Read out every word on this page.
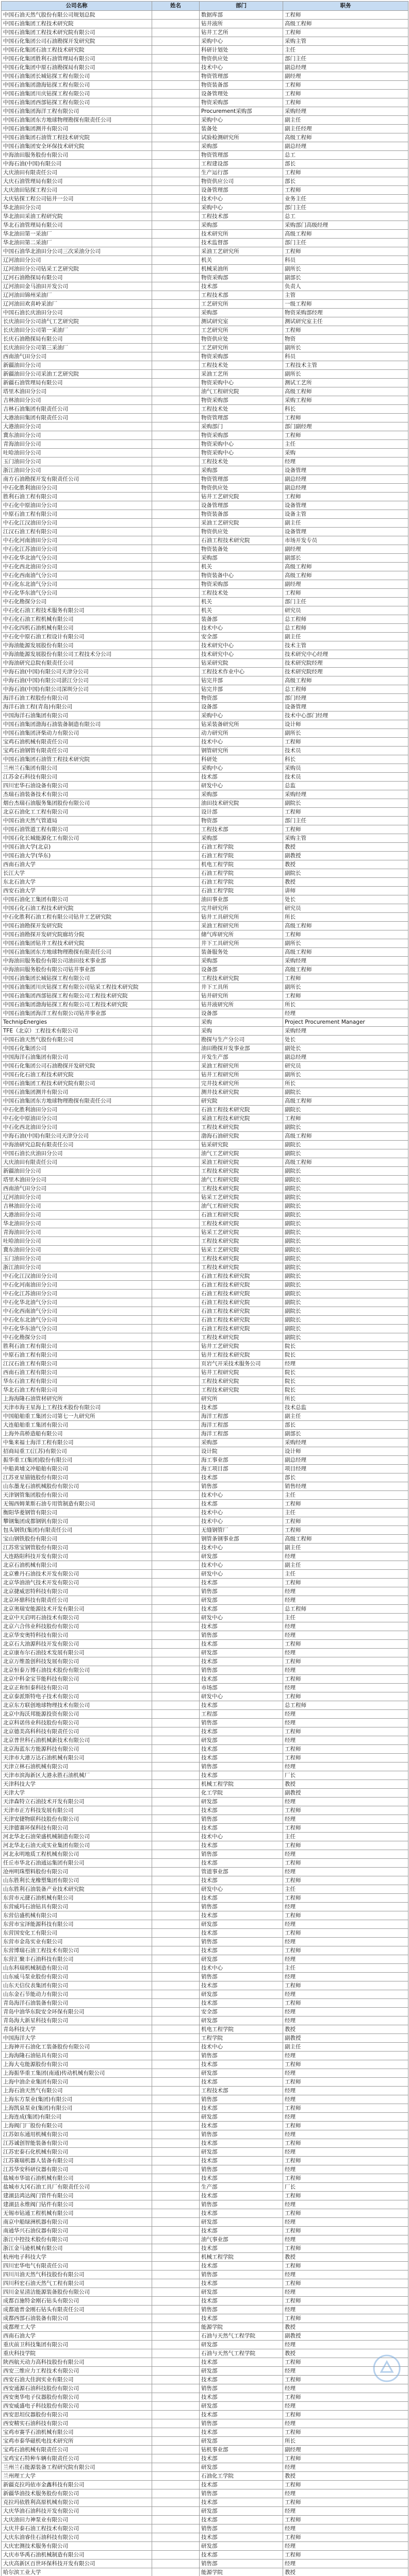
公司名称	姓名	部门	职务
中国石油天然气股份有限公司规划总院		数据库部	工程师
中国石油集团工程技术研究院		钻井液所	高级工程师
中国石油集团工程技术研究院有限公司		钻井工艺所	工程师
中国石化集团公司石油勘探开发研究院		采购中心	采购主管
中国石化集团石油工程技术研究院		科研计划处	主任
中国石化集团胜利石油管理局有限公司		物资供应处	部门主任
中国石化集团中原石油勘探局有限公司		技术中心	副总经理
中国石油集团长城钻探工程有限公司		物资管理部	副经理
中国石油集团渤海钻探工程有限公司		物资装备部	工程师
中国石油集团川庆钻探工程有限公司		设备管理处	工程师
中国石油集团西部钻探工程有限公司		物资采购部	工程师
中国石油集团海洋工程有限公司		Procurement采购部	采购经理
中国石油集团东方地球物理勘探有限责任公司		采购中心	副主任
中国石油集团测井有限公司		装备处	副主任经理
中国石油集团石油管工程技术研究院		试验检测研究所	高级工程师
中国石油集团安全环保技术研究院		采购部	副总经理
中海油田服务股份有限公司		物资管理部	总工
中海石油(中国)有限公司		工程建设部	部长
大庆油田有限责任公司		生产运行部	工程师
大庆石油管理局有限公司		物资供应公司	部长
大庆油田钻探工程公司		设备管理部	工程师
大庆钻探工程公司钻井一公司		技术中心	业务主任
华北油田分公司		采购中心	部门主任
华北油田采油工程研究院		工程技术部	总工
华北石油管理局有限公司		采购部	采购部门高级经理
华北油田第一采油厂		技术研究所	高级工程师
华北油田第二采油厂		技术监督部	部门主任
中国石油华北油田分公司三次采油分公司		采油工艺研究所	工程师
辽河油田分公司		机关	科员
辽河油田分公司钻采工艺研究院		机械采油所	副所长
辽河石油勘探局有限公司		物资采购部	副部长
辽河油田金马油田开发公司		技术部	负责人
辽河油田锦州采油厂		工程技术部	主管
辽河油田欢喜岭采油厂		工艺研究所	一级工程师
中国石油长庆油田分公司		采购部	物资采购部经理
长庆油田分公司油气工艺研究院		测试研究室	测试研究室主任
长庆油田分公司第一采油厂		工艺研究所	工程师
长庆石油勘探局有限公司		物资供应处	物资
长庆油田分公司第三采油厂		工艺研究所	副所长
西南油气田分公司		物资采购部	科员
新疆油田分公司		工程技术处	工程技术主管
新疆油田分公司采油工艺研究院		采油工艺所	副所长
新疆石油管理局有限公司		物资采购中心	测试工艺所
塔里木油田分公司		油气工程研究院	高级工程师
吉林油田分公司		物资采购部	采购工程师
吉林石油集团有限责任公司		工程技术处	科长
大港油田集团有限责任公司		物资管理部	工程师
大港油田分公司		采购部门	部门副经理
冀东油田分公司		物资采购部	工程师
青海油田分公司		物资采购中心	主任
吐哈油田分公司		物资采购中心	采购
玉门油田分公司		工程技术处	经理
浙江油田分公司		采购部	设备管理
南方石油勘探开发有限责任公司		物资管理部	副总经理
中石化胜利油田分公司		物资供应处	副总经理
胜利石油工程有限公司		钻井工艺研究院	工程师
中石化中原油田分公司		设备管理部	设备管理
中原石油工程有限公司		物资装备部	设备主管
中石化江汉油田分公司		采油工艺研究院	副主任
江汉石油工程有限公司		物资供应处	设备管理
中石化河南油田分公司		石油工程技术研究院	市场开发专员
中石化江苏油田分公司		物资装备处	副经理
中石化华北油气分公司		采购部	副部长
中石化西北油田分公司		机关	高级工程师
中石化西南油气分公司		物资装备中心	高级工程师
中石化东北油气分公司		物资采购部	副经理
中石化华东油气分公司		工程技术处	工程师
中石化勘探分公司		机关	部门主任
中石化石油工程技术服务有限公司		机关	研究员
中石化石油工程机械有限公司		装备部	总工程师
中石化四机石油机械有限公司		技术中心	总工程师
中石化中原石油工程设计有限公司		安全部	副主任
中海油能源发展股份有限公司		技术研究中心	技术主管
中海油能源发展股份有限公司工程技术分公司		技术研究中心	技术研究中心经理
中海油研究总院有限责任公司		钻采研究院	技术研究院经理
中海石油(中国)有限公司天津分公司		工程技术作业中心	技术研究院经理
中海石油(中国)有限公司湛江分公司		钻完井部	高级工程师
中海石油(中国)有限公司深圳分公司		钻完井部	总工程师
海洋石油工程股份有限公司		物资部	部门经理
海洋石油工程(青岛)有限公司		设备部	设备管理
中国海洋石油集团有限公司		采购中心	技术中心部门经理
中国石油集团渤海石油装备制造有限公司		钻采装备研究所	设计师
中国石油集团济柴动力有限公司		动力研究所	副所长
宝鸡石油机械有限责任公司		技术中心	工程师
宝鸡石油钢管有限责任公司		钢管研究所	技术员
中国石油集团石油管工程技术研究院		科研处	科长
兰州兰石集团有限公司		采购中心	采购员
江苏金石科技有限公司		技术部	技术员
四川宏华石油设备有限公司		研发中心	总监
杰瑞石油装备技术有限公司		采购部	采购经理
烟台杰瑞石油服务集团股份有限公司		油田技术研究院	副院长
北京石油化工工程有限公司		设计部	工程师
中国石油天然气管道局		物资部	部门主任
中国石油管道工程有限公司		工程技术部	工程师
中国石化长城能源化工有限公司		采购部	采购主管
中国石油大学(北京)		石油工程学院	教授
中国石油大学(华东)		石油工程学院	副教授
西南石油大学		机电工程学院	教授
长江大学		石油工程学院	副院长
东北石油大学		石油工程学院	教授
西安石油大学		石油工程学院	讲师
中国石油化工集团有限公司		油田事业部	处长
中国石化石油工程技术研究院		完井研究所	研究员
中石化胜利石油工程有限公司钻井工艺研究院		钻井工具研究所	所长
中国石油勘探开发研究院		采油工程研究所	高级工程师
中国石油勘探开发研究院廊坊分院		储气库研究所	工程师
中国石油集团钻井工程技术研究院		井下工具研究所	副所长
中国石油集团东方地球物理勘探有限责任公司		装备服务处	高级工程师
中海油田服务股份有限公司油田技术事业部		采购部	采购经理
中海油田服务股份有限公司钻井事业部		设备部	高级工程师
中国石油集团长城钻探工程有限公司		工程技术研究院	工程师
中国石油集团川庆钻探工程有限公司钻采工程技术研究院		井下工具所	副所长
中国石油集团西部钻探工程有限公司工程技术研究院		钻井研究所	工程师
中国石油集团渤海钻探工程有限公司工程技术研究院		钻井液研究所	所长
中国石油集团海洋工程有限公司钻井事业部		设备部	经理
TechnipEnergies		采购	Project Procurement Manager
TFE（北京）工程技术有限公司		采购	采购经理
中国石油天然气股份有限公司		勘探与生产分公司	处长
中国石化集团公司		油田勘探开发事业部	副处长
中国海洋石油集团有限公司		开发生产部	副总经理
中国石化集团公司石油勘探开发研究院		采油工程研究所	研究员
中国石化石油工程技术研究院		钻井工程研究所	副所长
中国石油集团工程技术研究院有限公司		完井技术研究所	所长
中国石油集团测井有限公司		测井技术研究院	副院长
中国石油集团东方地球物理勘探有限责任公司		研究院	高级工程师
中石化胜利油田分公司		石油工程技术研究院	副院长
中石化中原油田分公司		采油工程技术研究院	工程师
中石化西北油田分公司		工程技术研究院	副院长
中海石油(中国)有限公司天津分公司		渤海石油研究院	高级工程师
中海油研究总院有限责任公司		钻采研究院	副院长
中国石油长庆油田分公司		油气工艺研究院	副院长
大庆油田有限责任公司		采油工程研究院	高级工程师
新疆油田分公司		工程技术研究院	副院长
塔里木油田分公司		油气工程研究院	副院长
西南油气田分公司		工程技术研究院	副院长
辽河油田分公司		钻采工艺研究院	副院长
吉林油田分公司		油气工程研究院	副院长
大港油田分公司		石油工程研究院	副院长
华北油田分公司		工程技术研究院	副院长
青海油田分公司		钻采工艺研究院	副院长
吐哈油田分公司		工程技术研究院	副院长
冀东油田分公司		钻采工艺研究院	副院长
玉门油田分公司		工程技术研究院	副院长
浙江油田分公司		工程技术研究院	副院长
中石化江汉油田分公司		石油工程技术研究院	副院长
中石化河南油田分公司		石油工程技术研究院	副院长
中石化江苏油田分公司		石油工程技术研究院	副院长
中石化华北油气分公司		石油工程技术研究院	副院长
中石化西南油气分公司		石油工程技术研究院	副院长
中石化东北油气分公司		石油工程技术研究院	副院长
中石化华东油气分公司		石油工程技术研究院	副院长
中石化勘探分公司		工程技术研究院	副院长
胜利石油工程有限公司		钻井工艺研究院	院长
中原石油工程有限公司		钻井工程技术研究院	院长
江汉石油工程有限公司		页岩气开采技术服务公司	经理
西南石油工程有限公司		钻井工程研究院	院长
华东石油工程有限公司		工程技术研究院	院长
华北石油工程有限公司		工程技术研究院	院长
上海海隆石油管材研究所		研究所	所长
天津市海王星海上工程技术股份有限公司		技术部	技术总监
中国船舶重工集团公司第七一九研究所		海洋工程部	副主任
大连船舶重工集团有限公司		海洋工程部	部长
上海外高桥造船有限公司		海洋工程部	副部长
中集来福士海洋工程有限公司		采购部	采购经理
招商局重工(江苏)有限公司		设计院	设计师
振华重工(集团)股份有限公司		海工事业部	副总经理
中船黄埔文冲船舶有限公司		海工项目部	项目经理
江苏亚星锚链股份有限公司		技术部	部长
山东墨龙石油机械股份有限公司		销售部	销售经理
天津钢管集团股份有限公司		技术中心	主任
无锡西姆莱斯石油专用管制造有限公司		技术部	工程师
衡阳华菱钢管有限公司		技术中心	主任
攀钢集团成都钢钒有限公司		技术中心	工程师
包头钢铁(集团)有限责任公司		无缝钢管厂	工程师
宝山钢铁股份有限公司		钢管条钢事业部	高级工程师
江苏常宝钢管股份有限公司		技术中心	副主任
大连路阳科技开发有限公司		研发部	经理
北京石油机械有限公司		技术中心	副主任
北京雅丹石油技术开发有限公司		研发中心	主任
北京华油油气技术开发有限公司		技术部	工程师
北京捷威思特科技有限公司		销售部	经理
北京环鼎科技有限责任公司		研发部	经理
北京奥瑞安能源技术开发有限公司		技术部	总工程师
北京中天启明石油技术有限公司		研发中心	主任
北京六合伟业科技股份有限公司		技术部	经理
北京华安奥特科技有限公司		销售部	经理
北京石大油源科技开发有限公司		技术部	工程师
北京康布尔石油技术发展有限公司		研发部	经理
北京万维盈创科技发展有限公司		技术部	工程师
北京恒泰万博石油技术股份有限公司		销售部	经理
北京中科金宝节能科技有限公司		技术部	工程师
北京正和恒泰科技有限公司		市场部	经理
北京泰派斯特电子技术有限公司		研发中心	工程师
北京东方联创地球物理技术有限公司		技术部	总工程师
北京中海沃邦能源投资有限公司		工程部	经理
北京科诺伟业科技股份有限公司		销售部	经理
北京德美高科科技有限责任公司		技术部	工程师
北京普世科石油机械新技术有限公司		研发部	经理
北京海蓝东方能源科技有限公司		技术部	工程师
天津市大港万达石油机械有限公司		技术部	工程师
天津立林石油机械有限公司		销售部	经理
天津市滨海新区大港永胜石油机械厂		技术部	厂长
天津科技大学		机械工程学院	教授
天津大学		化工学院	副教授
天津森特立石油技术开发有限公司		研发部	经理
天津市正方科技发展有限公司		技术部	工程师
天津安捷物联科技股份有限公司		销售部	经理
天津德赛环保科技有限公司		技术部	工程师
河北华北石油荣盛机械制造有限公司		技术中心	主任
河北华北石油天成实业集团有限公司		技术部	工程师
河北永明地质工程机械有限公司		销售部	经理
任丘市华北石油通运集团有限公司		技术部	工程师
沧州明珠塑料股份有限公司		管道事业部	经理
山东胜利长龙橡塑集团有限公司		技术部	工程师
山东胜利石油装备产业技术研究院		研发中心	主任
东营市元捷石油机械有限公司		技术部	工程师
东营威玛石油钻具有限公司		销售部	经理
东营信盛机械有限公司		技术部	工程师
东营市宝泽能源科技有限公司		研发部	经理
东营国安化工有限公司		技术部	工程师
东营市金岛实业有限公司		销售部	经理
东营博瑞石油工程技术有限公司		技术部	工程师
东营汇聚丰石油科技有限公司		研发部	经理
山东科瑞机械制造有限公司		技术中心	主任
山东威马泵业股份有限公司		销售部	经理
山东天信仪表集团有限公司		技术部	工程师
山东金石节能动力有限公司		研发部	经理
青岛海洋石油装备有限公司		技术部	工程师
青岛中油华东院安全环保有限公司		安全部	经理
青岛海大新星科技有限公司		研发部	经理
青岛科技大学		机电工程学院	教授
中国海洋大学		工程学院	副教授
上海神开石油化工装备股份有限公司		技术中心	副主任
上海海隆石油钻具有限公司		销售部	经理
上海大屯能源股份有限公司		技术部	工程师
上海振华重工集团(南通)传动机械有限公司		研发部	经理
上海中油企业集团有限公司		技术部	工程师
上海石油天然气有限公司		工程技术部	经理
上海东方泵业(集团)有限公司		销售部	经理
上海凯泉泵业(集团)有限公司		技术部	工程师
上海连成(集团)有限公司		研发部	经理
上海阀门厂股份有限公司		技术部	工程师
江苏如东通用机械有限公司		销售部	经理
江苏诚创智能装备有限公司		技术部	工程师
江苏宏泰石化机械有限公司		研发部	经理
江苏赛瑞机器人装备有限公司		技术部	工程师
江苏华安科研仪器有限公司		销售部	经理
盐城市华谊石油机械有限公司		技术部	工程师
盐城市大冈石油工具厂有限责任公司		生产部	厂长
建湖县鸿达阀门管件有限公司		技术部	工程师
建湖县永维阀门钻件有限公司		销售部	经理
无锡市钻通工程机械有限公司		技术部	工程师
南京中船绿洲机器有限公司		研发部	经理
南通华兴石油仪器有限公司		技术部	工程师
浙江中控技术股份有限公司		油气事业部	经理
浙江金马逊机械有限公司		技术部	工程师
杭州电子科技大学		机械工程学院	教授
四川宏华电气有限责任公司		技术部	工程师
四川川油天然气科技股份有限公司		销售部	经理
四川科宏石油天然气工程有限公司		技术部	工程师
四川金星清洁能源装备股份有限公司		研发部	经理
成都百施特金刚石钻头有限公司		技术部	工程师
成都迪普金刚石钻头有限责任公司		销售部	经理
成都西部石油装备有限公司		技术部	工程师
成都理工大学		能源学院	教授
西南石油大学		石油与天然气工程学院	副教授
重庆前卫科技集团有限公司		研发部	经理
重庆科技学院		石油与天然气工程学院	教授
陕西航天动力高科技股份有限公司		技术部	工程师
西安三维应力工程技术有限公司		研发部	经理
西安石油大佳润实业有限公司		技术部	工程师
西安通源石油科技股份有限公司		销售部	经理
西安奥华电子仪器股份有限公司		技术部	工程师
西安威盛电子科技股份有限公司		研发部	经理
西安思坦仪器股份有限公司		技术部	工程师
西安精实石油科技有限公司		销售部	经理
宝鸡市赛孚石油机械有限公司		技术部	工程师
宝鸡市泰华磁机电技术研究所		研发部	所长
宝鸡石油机械有限责任公司		钻机事业部	副经理
宝鸡宝石特种车辆有限责任公司		技术部	工程师
兰州兰石能源装备工程研究院有限公司		研发部	经理
兰州理工大学		石油化工学院	教授
新疆克拉玛依市金鑫科技有限公司		技术部	工程师
新疆华油技术服务股份有限公司		销售部	经理
克拉玛依胜利高原机械有限公司		技术部	工程师
大庆华油石油科技开发有限公司		研发部	经理
大庆油田力神泵业有限公司		技术部	工程师
大庆井泰石油工程技术有限公司		销售部	经理
大庆东油睿佳石油科技有限公司		技术部	工程师
大庆宏测技术服务有限公司		研发部	经理
大庆市华禹石油机械制造有限公司		技术部	工程师
大庆高新区百世环保科技开发有限公司		销售部	经理
哈尔滨工业大学		能源学院	教授
